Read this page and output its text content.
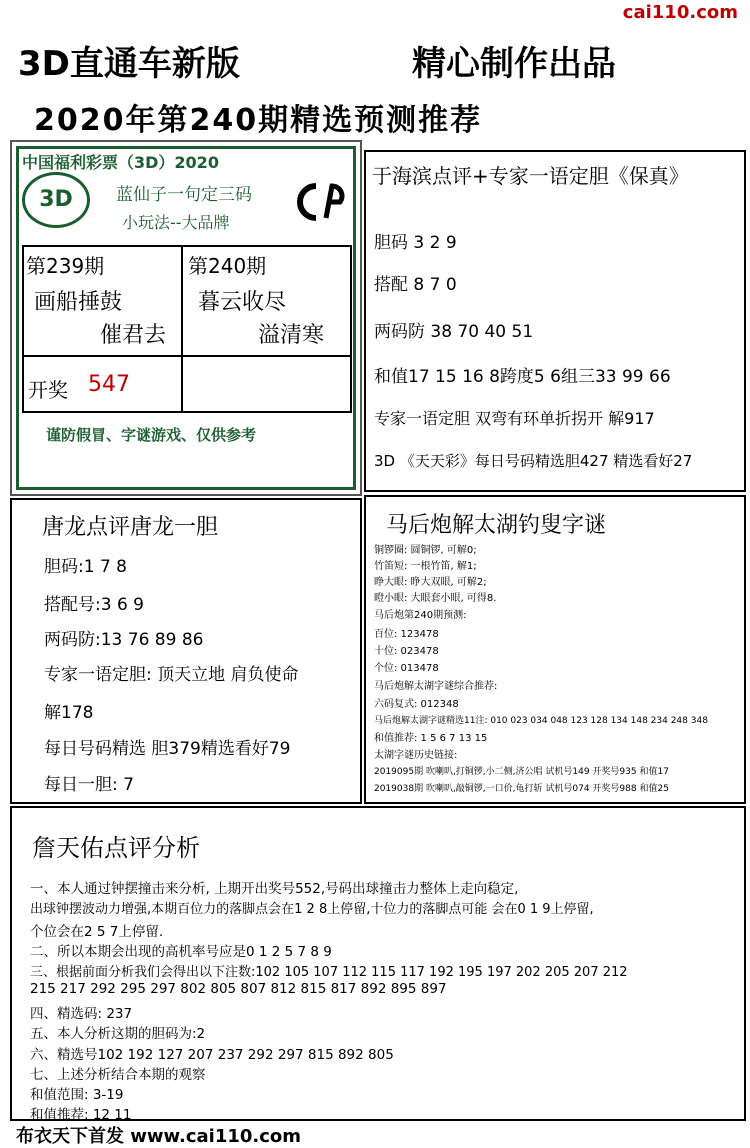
cai110.com
3D直通车新版	精心制作出品
2020年第240期精选预测推荐
中国福利彩票（3D）2020
3D	蓝仙子一句定三码
小玩法--大品牌
第239期
画船捶鼓
催君去
第240期
暮云收尽
溢清寒
开奖 547
谨防假冒、字谜游戏、仅供参考
于海滨点评+专家一语定胆《保真》
胆码 3 2 9
搭配 8 7 0
两码防 38 70 40 51
和值17 15 16 8跨度5 6组三33 99 66
专家一语定胆 双弯有环单折拐开 解917
3D 《天天彩》每日号码精选胆427 精选看好27
唐龙点评唐龙一胆
胆码:1 7 8
搭配号:3 6 9
两码防:13 76 89 86
专家一语定胆: 顶天立地 肩负使命
解178
每日号码精选 胆379精选看好79
每日一胆: 7
马后炮解太湖钓叟字谜
铜锣圈: 圆铜锣, 可解0;
竹笛短: 一根竹笛, 解1;
睁大眼: 睁大双眼, 可解2;
瞪小眼: 大眼套小眼, 可得8.
马后炮第240期预测:
百位: 123478
十位: 023478
个位: 013478
马后炮解太湖字谜综合推荐:
六码复式: 012348
马后炮解太湖字谜精选11注: 010 023 034 048 123 128 134 148 234 248 348
和值推荐: 1 5 6 7 13 15
太湖字谜历史链接:
2019095期 吹喇叭,打铜锣,小二侧,济公唱 试机号149 开奖号935 和值17
2019038期 吹喇叭,敲铜锣,一口价,龟打斩 试机号074 开奖号988 和值25
詹天佑点评分析
一、本人通过钟摆撞击来分析, 上期开出奖号552,号码出球撞击力整体上走向稳定,
出球钟摆波动力增强,本期百位力的落脚点会在1 2 8上停留,十位力的落脚点可能 会在0 1 9上停留,
个位会在2 5 7上停留.
二、所以本期会出现的高机率号应是0 1 2 5 7 8 9
三、根据前面分析我们会得出以下注数:102 105 107 112 115 117 192 195 197 202 205 207 212
215 217 292 295 297 802 805 807 812 815 817 892 895 897
四、精选码: 237
五、本人分析这期的胆码为:2
六、精选号102 192 127 207 237 292 297 815 892 805
七、上述分析结合本期的观察
和值范围: 3-19
和值推荐: 12 11
布衣天下首发 www.cai110.com
